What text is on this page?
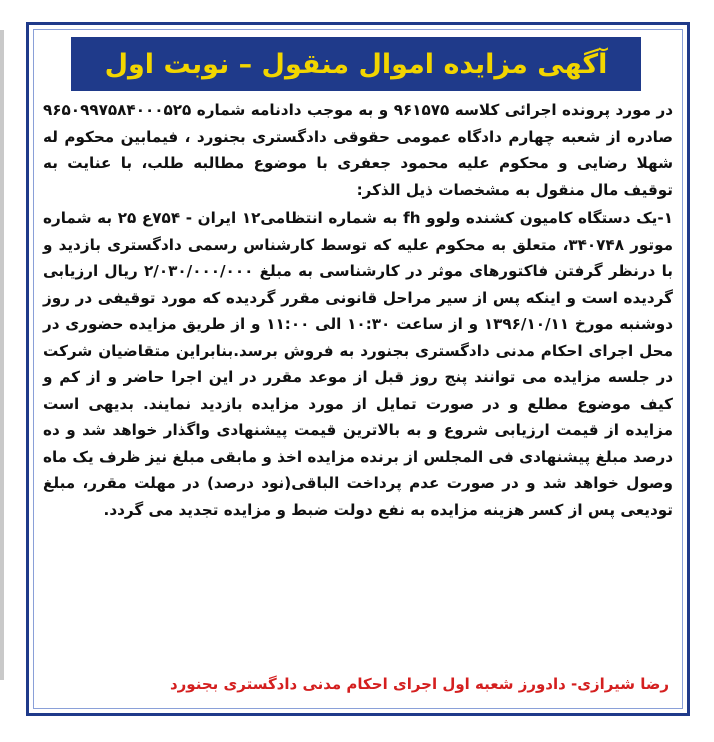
آگهی مزایده اموال منقول – نوبت اول

در مورد پرونده اجرائی کلاسه ۹۶۱۵۷۵ و به موجب دادنامه شماره ۹۶۵۰۹۹۷۵۸۴۰۰۰۵۲۵ صادره از شعبه چهارم دادگاه عمومی حقوقی دادگستری بجنورد ، فیمابین محکوم له شهلا رضایی و محکوم علیه محمود جعفری با موضوع مطالبه طلب، با عنایت به توقیف مال منقول به مشخصات ذیل الذکر:

۱-یک دستگاه کامیون کشنده ولوو fh به شماره انتظامی۱۲ ایران - ۷۵۴ع ۲۵ به شماره موتور ۳۴۰۷۴۸، متعلق به محکوم علیه که توسط کارشناس رسمی دادگستری بازدید و با درنظر گرفتن فاکتورهای موثر در کارشناسی به مبلغ ۲/۰۳۰/۰۰۰/۰۰۰ ریال ارزیابی گردیده است و اینکه پس از سیر مراحل قانونی مقرر گردیده که مورد توقیفی در روز دوشنبه مورخ ۱۳۹۶/۱۰/۱۱ و از ساعت ۱۰:۳۰ الی ۱۱:۰۰ و از طریق مزایده حضوری در محل اجرای احکام مدنی دادگستری بجنورد به فروش برسد.بنابراین متقاضیان شرکت در جلسه مزایده می توانند پنج روز قبل از موعد مقرر در این اجرا حاضر و از کم و کیف موضوع مطلع و در صورت تمایل از مورد مزایده بازدید نمایند. بدیهی است مزایده از قیمت ارزیابی شروع و به بالاترین قیمت پیشنهادی واگذار خواهد شد و ده درصد مبلغ پیشنهادی فی المجلس از برنده مزایده اخذ و مابقی مبلغ نیز ظرف یک ماه وصول خواهد شد و در صورت عدم پرداخت الباقی(نود درصد) در مهلت مقرر، مبلغ تودیعی پس از کسر هزینه مزایده به نفع دولت ضبط و مزایده تجدید می گردد.

رضا شیرازی- دادورز شعبه اول اجرای احکام مدنی دادگستری بجنورد
